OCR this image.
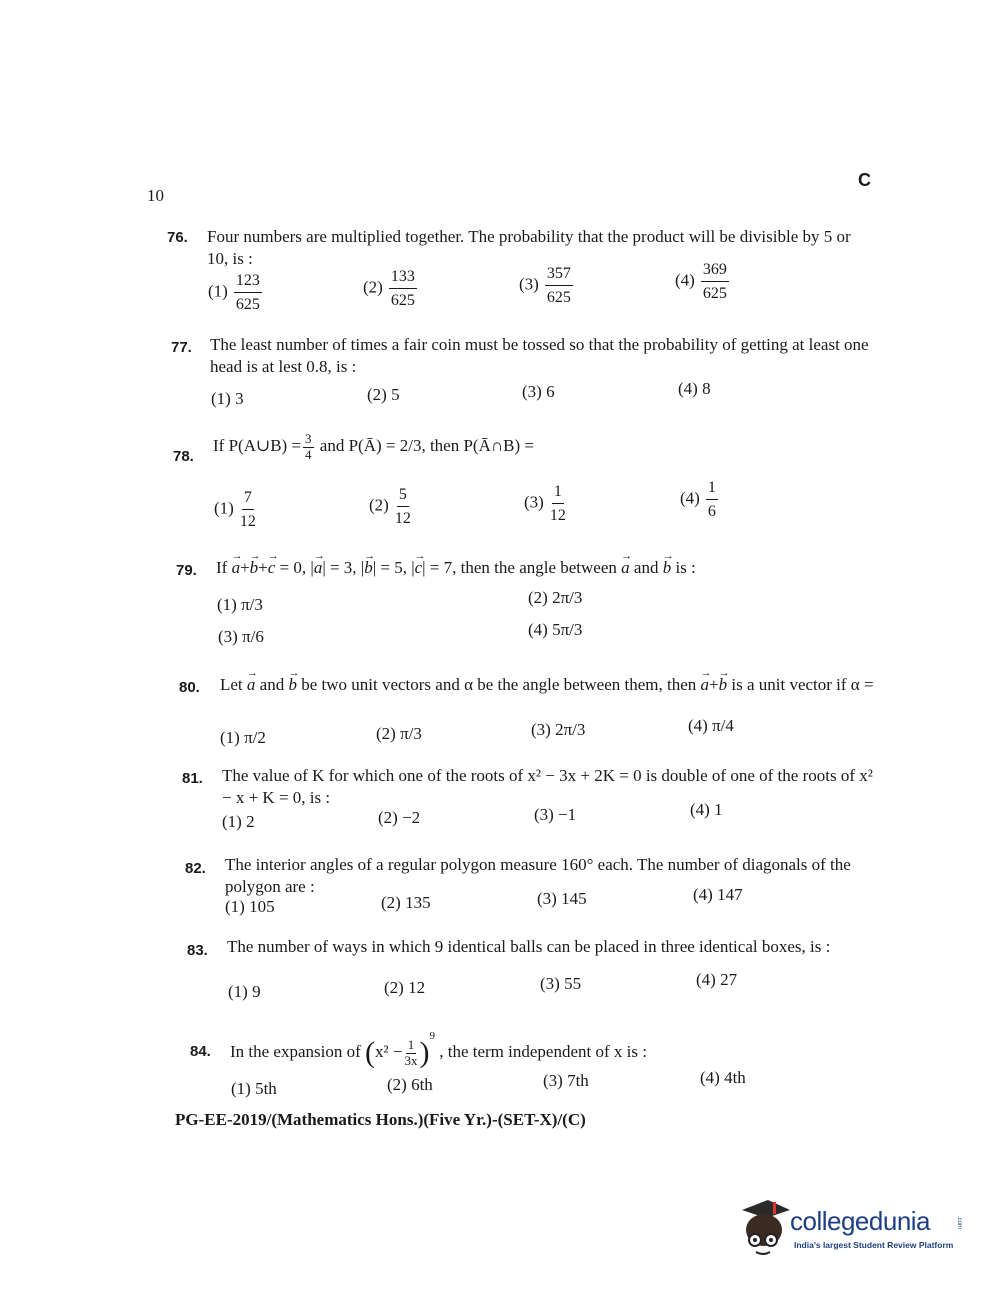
10
C
76. Four numbers are multiplied together. The probability that the product will be divisible by 5 or 10, is :
$(1) \frac{123}{625}$	$(2) \frac{133}{625}$	$(3) \frac{357}{625}$	$(4) \frac{369}{625}$
77. The least number of times a fair coin must be tossed so that the probability of getting at least one head is at lest 0.8, is :
(1) 3	(2) 5	(3) 6	(4) 8
78.
If P(A∪B) = $\frac{3}{4}$ and P(Ā) = 2/3, then P(Ā∩B) =
$(1) \frac{7}{12}$	$(2) \frac{5}{12}$	$(3) \frac{1}{12}$	$(4) \frac{1}{6}$
79. If → a+→ b+→ c = 0, |→ a| = 3, |→ b| = 5, |→ c| = 7, then the angle between → a and → b is :
(1) π/3	(2) 2π/3
(3) π/6	(4) 5π/3
80. Let → a and → b be two unit vectors and α be the angle between them, then → a+→ b is a unit vector if α =
(1) π/2	(2) π/3	(3) 2π/3	(4) π/4
81. The value of K for which one of the roots of x² − 3x + 2K = 0 is double of one of the roots of x² − x + K = 0, is :
(1) 2	(2) −2	(3) −1	(4) 1
82. The interior angles of a regular polygon measure 160° each. The number of diagonals of the polygon are :
(1) 105	(2) 135	(3) 145	(4) 147
83. The number of ways in which 9 identical balls can be placed in three identical boxes, is :
(1) 9	(2) 12	(3) 55	(4) 27
84. In the expansion of $(x^2 - \frac{1}{3x} )^9$ , the term independent of x is :
(1) 5th	(2) 6th	(3) 7th	(4) 4th
PG-EE-2019/(Mathematics Hons.)(Five Yr.)-(SET-X)/(C)
collegedunia	.com
India's largest Student Review Platform
